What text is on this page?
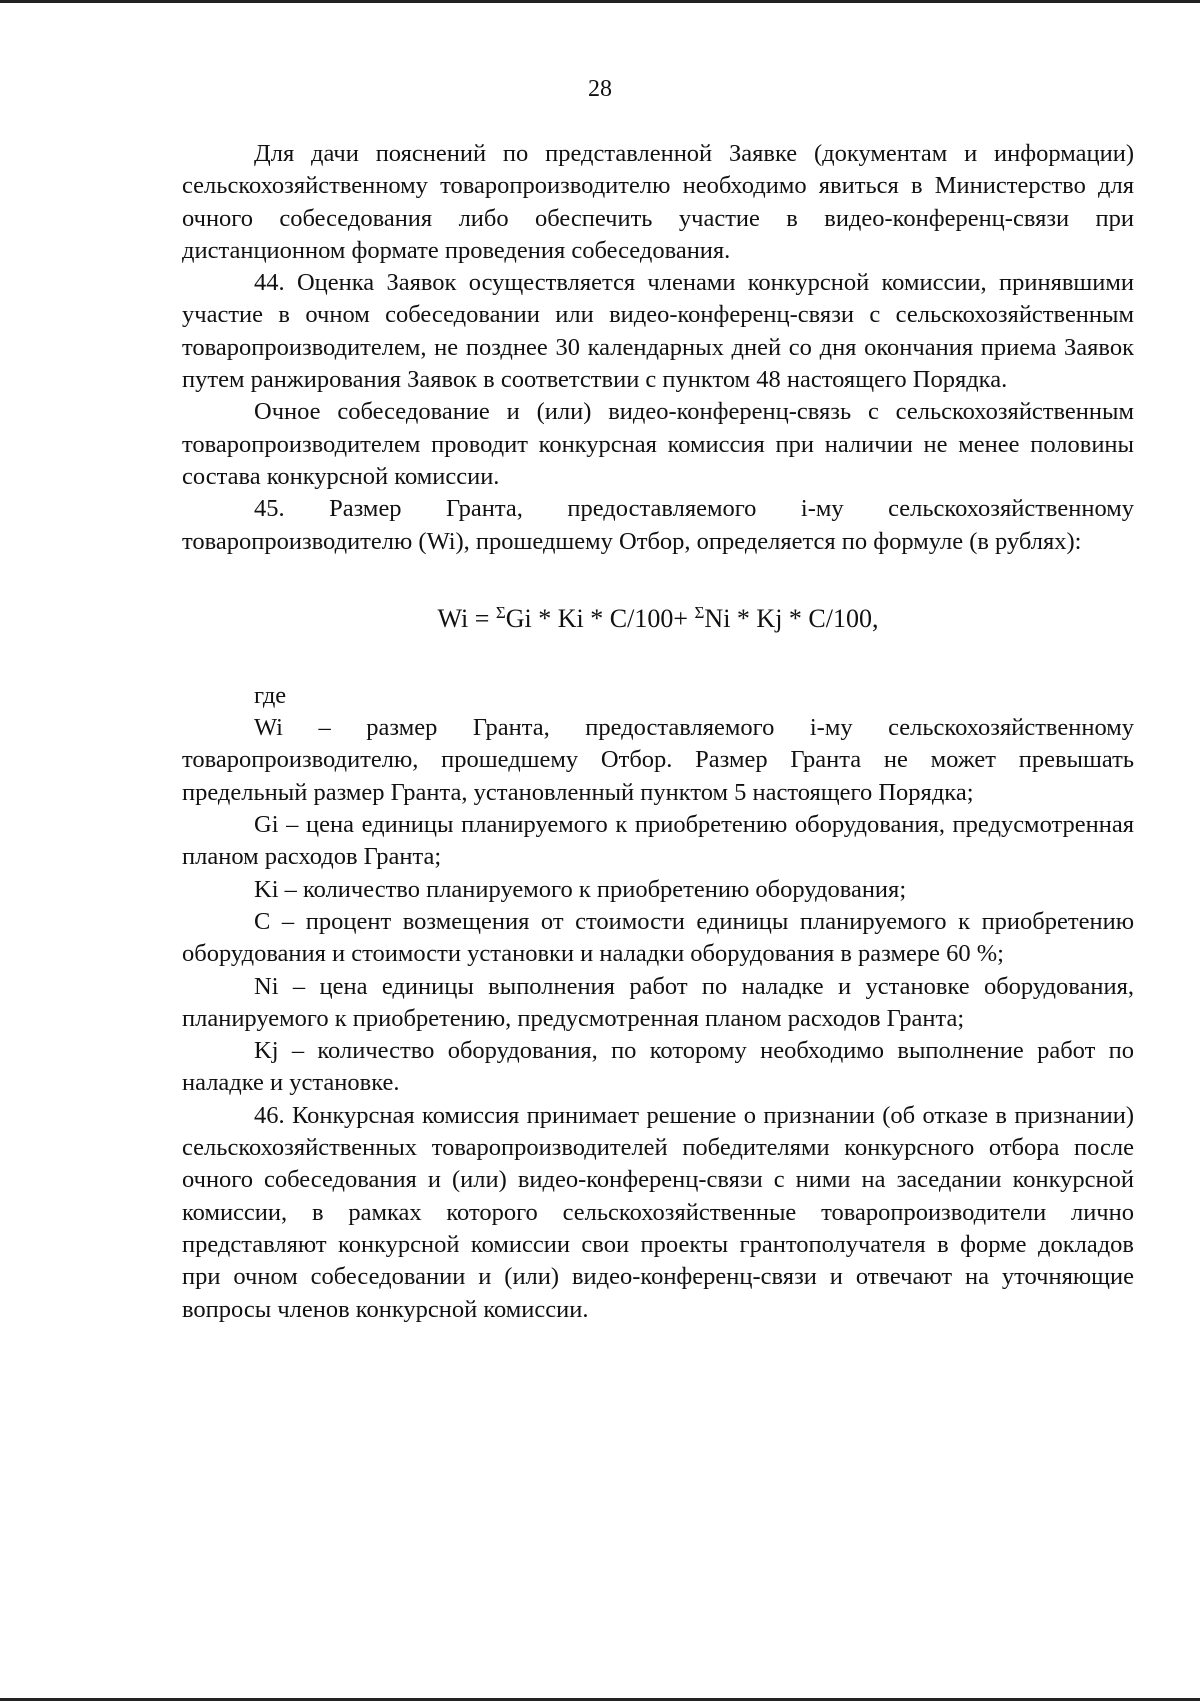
28

Для дачи пояснений по представленной Заявке (документам и информации) сельскохозяйственному товаропроизводителю необходимо явиться в Министерство для очного собеседования либо обеспечить участие в видео-конференц-связи при дистанционном формате проведения собеседования.

44. Оценка Заявок осуществляется членами конкурсной комиссии, принявшими участие в очном собеседовании или видео-конференц-связи с сельскохозяйственным товаропроизводителем, не позднее 30 календарных дней со дня окончания приема Заявок путем ранжирования Заявок в соответствии с пунктом 48 настоящего Порядка.

Очное собеседование и (или) видео-конференц-связь с сельскохозяйственным товаропроизводителем проводит конкурсная комиссия при наличии не менее половины состава конкурсной комиссии.

45. Размер Гранта, предоставляемого i-му сельскохозяйственному товаропроизводителю (Wi), прошедшему Отбор, определяется по формуле (в рублях):

Wi = $^\Sigma$Gi * Ki * C/100+ $^\Sigma$Ni * Kj * C/100,

где

Wi – размер Гранта, предоставляемого i-му сельскохозяйственному товаропроизводителю, прошедшему Отбор. Размер Гранта не может превышать предельный размер Гранта, установленный пунктом 5 настоящего Порядка;

Gi – цена единицы планируемого к приобретению оборудования, предусмотренная планом расходов Гранта;

Ki – количество планируемого к приобретению оборудования;

C – процент возмещения от стоимости единицы планируемого к приобретению оборудования и стоимости установки и наладки оборудования в размере 60 %;

Ni – цена единицы выполнения работ по наладке и установке оборудования, планируемого к приобретению, предусмотренная планом расходов Гранта;

Kj – количество оборудования, по которому необходимо выполнение работ по наладке и установке.

46. Конкурсная комиссия принимает решение о признании (об отказе в признании) сельскохозяйственных товаропроизводителей победителями конкурсного отбора после очного собеседования и (или) видео-конференц-связи с ними на заседании конкурсной комиссии, в рамках которого сельскохозяйственные товаропроизводители лично представляют конкурсной комиссии свои проекты грантополучателя в форме докладов при очном собеседовании и (или) видео-конференц-связи и отвечают на уточняющие вопросы членов конкурсной комиссии.
